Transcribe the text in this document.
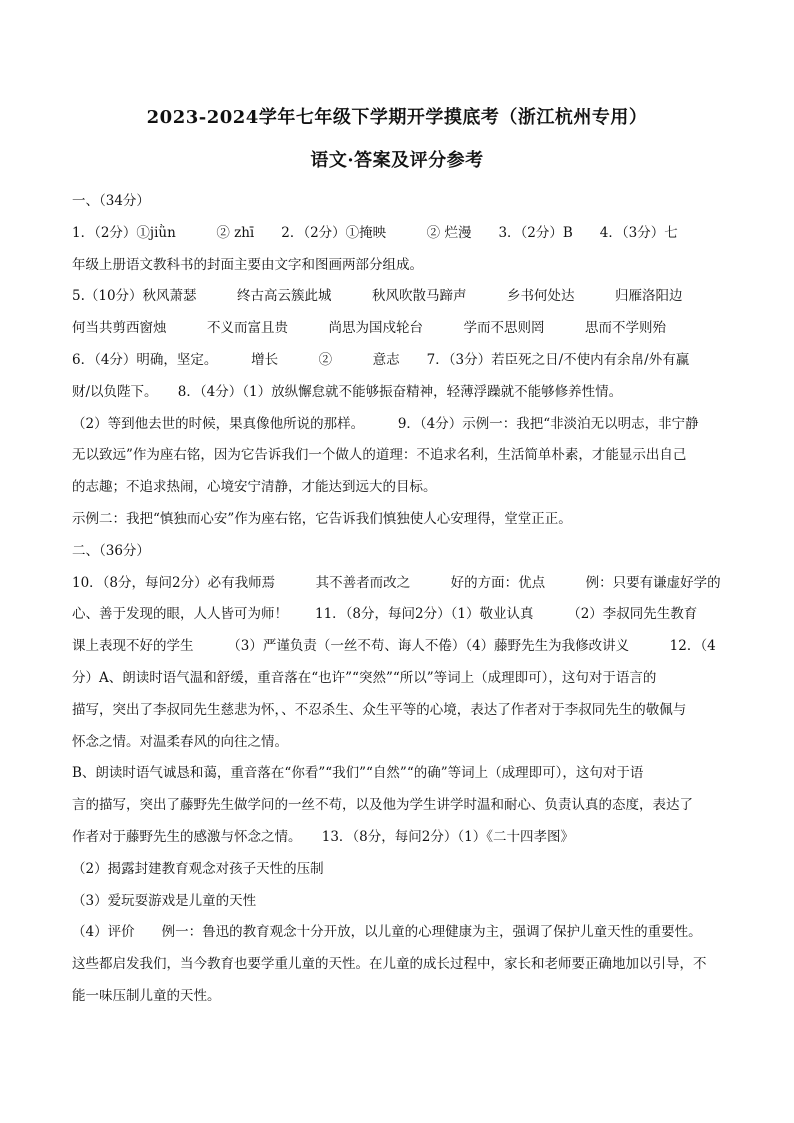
2023-2024学年七年级下学期开学摸底考（浙江杭州专用）
语文·答案及评分参考
一、（34分）
1．（2分）①jiǜn　　　② zhī　　2．（2分）①掩映　　　② 烂漫　　3．（2分）B　　4．（3分）七
年级上册语文教科书的封面主要由文字和图画两部分组成。
5.（10分）秋风萧瑟　　　终古高云簇此城　　　秋风吹散马蹄声　　　乡书何处达　　　归雁洛阳边
何当共剪西窗烛　　　不义而富且贵　　　尚思为国戍轮台　　　学而不思则罔　　　思而不学则殆
6．（4分）明确，坚定。　　　增长　　　②　　　意志　　7．（3分）若臣死之日/不使内有余帛/外有赢
财/以负陛下。　　8．（4分）（1）放纵懈怠就不能够振奋精神，轻薄浮躁就不能够修养性情。
（2）等到他去世的时候，果真像他所说的那样。　　　9．（4分）示例一：我把“非淡泊无以明志，非宁静
无以致远”作为座右铭，因为它告诉我们一个做人的道理：不追求名利，生活简单朴素，才能显示出自己
的志趣；不追求热闹，心境安宁清静，才能达到远大的目标。
示例二：我把“慎独而心安”作为座右铭，它告诉我们慎独使人心安理得，堂堂正正。
二、（36分）
10．（8分，每问2分）必有我师焉　　　其不善者而改之　　　好的方面：优点　　　例：只要有谦虚好学的
心、善于发现的眼，人人皆可为师！　　11．（8分，每问2分）（1）敬业认真　　　（2）李叔同先生教育
课上表现不好的学生　　　（3）严谨负责（一丝不苟、诲人不倦）（4）藤野先生为我修改讲义　　　12．（4
分）A、朗读时语气温和舒缓，重音落在“也许”“突然”“所以”等词上（成理即可），这句对于语言的
描写，突出了李叔同先生慈悲为怀，、不忍杀生、众生平等的心境，表达了作者对于李叔同先生的敬佩与
怀念之情。对温柔春风的向往之情。
B、朗读时语气诚恳和蔼，重音落在“你看”“我们”“自然”“的确”等词上（成理即可），这句对于语
言的描写，突出了藤野先生做学问的一丝不苟，以及他为学生讲学时温和耐心、负责认真的态度，表达了
作者对于藤野先生的感激与怀念之情。　　13．（8分，每问2分）（1）《二十四孝图》
（2）揭露封建教育观念对孩子天性的压制
（3）爱玩耍游戏是儿童的天性
（4）评价　　例一：鲁迅的教育观念十分开放，以儿童的心理健康为主，强调了保护儿童天性的重要性。
这些都启发我们，当今教育也要学重儿童的天性。在儿童的成长过程中，家长和老师要正确地加以引导，不
能一味压制儿童的天性。
